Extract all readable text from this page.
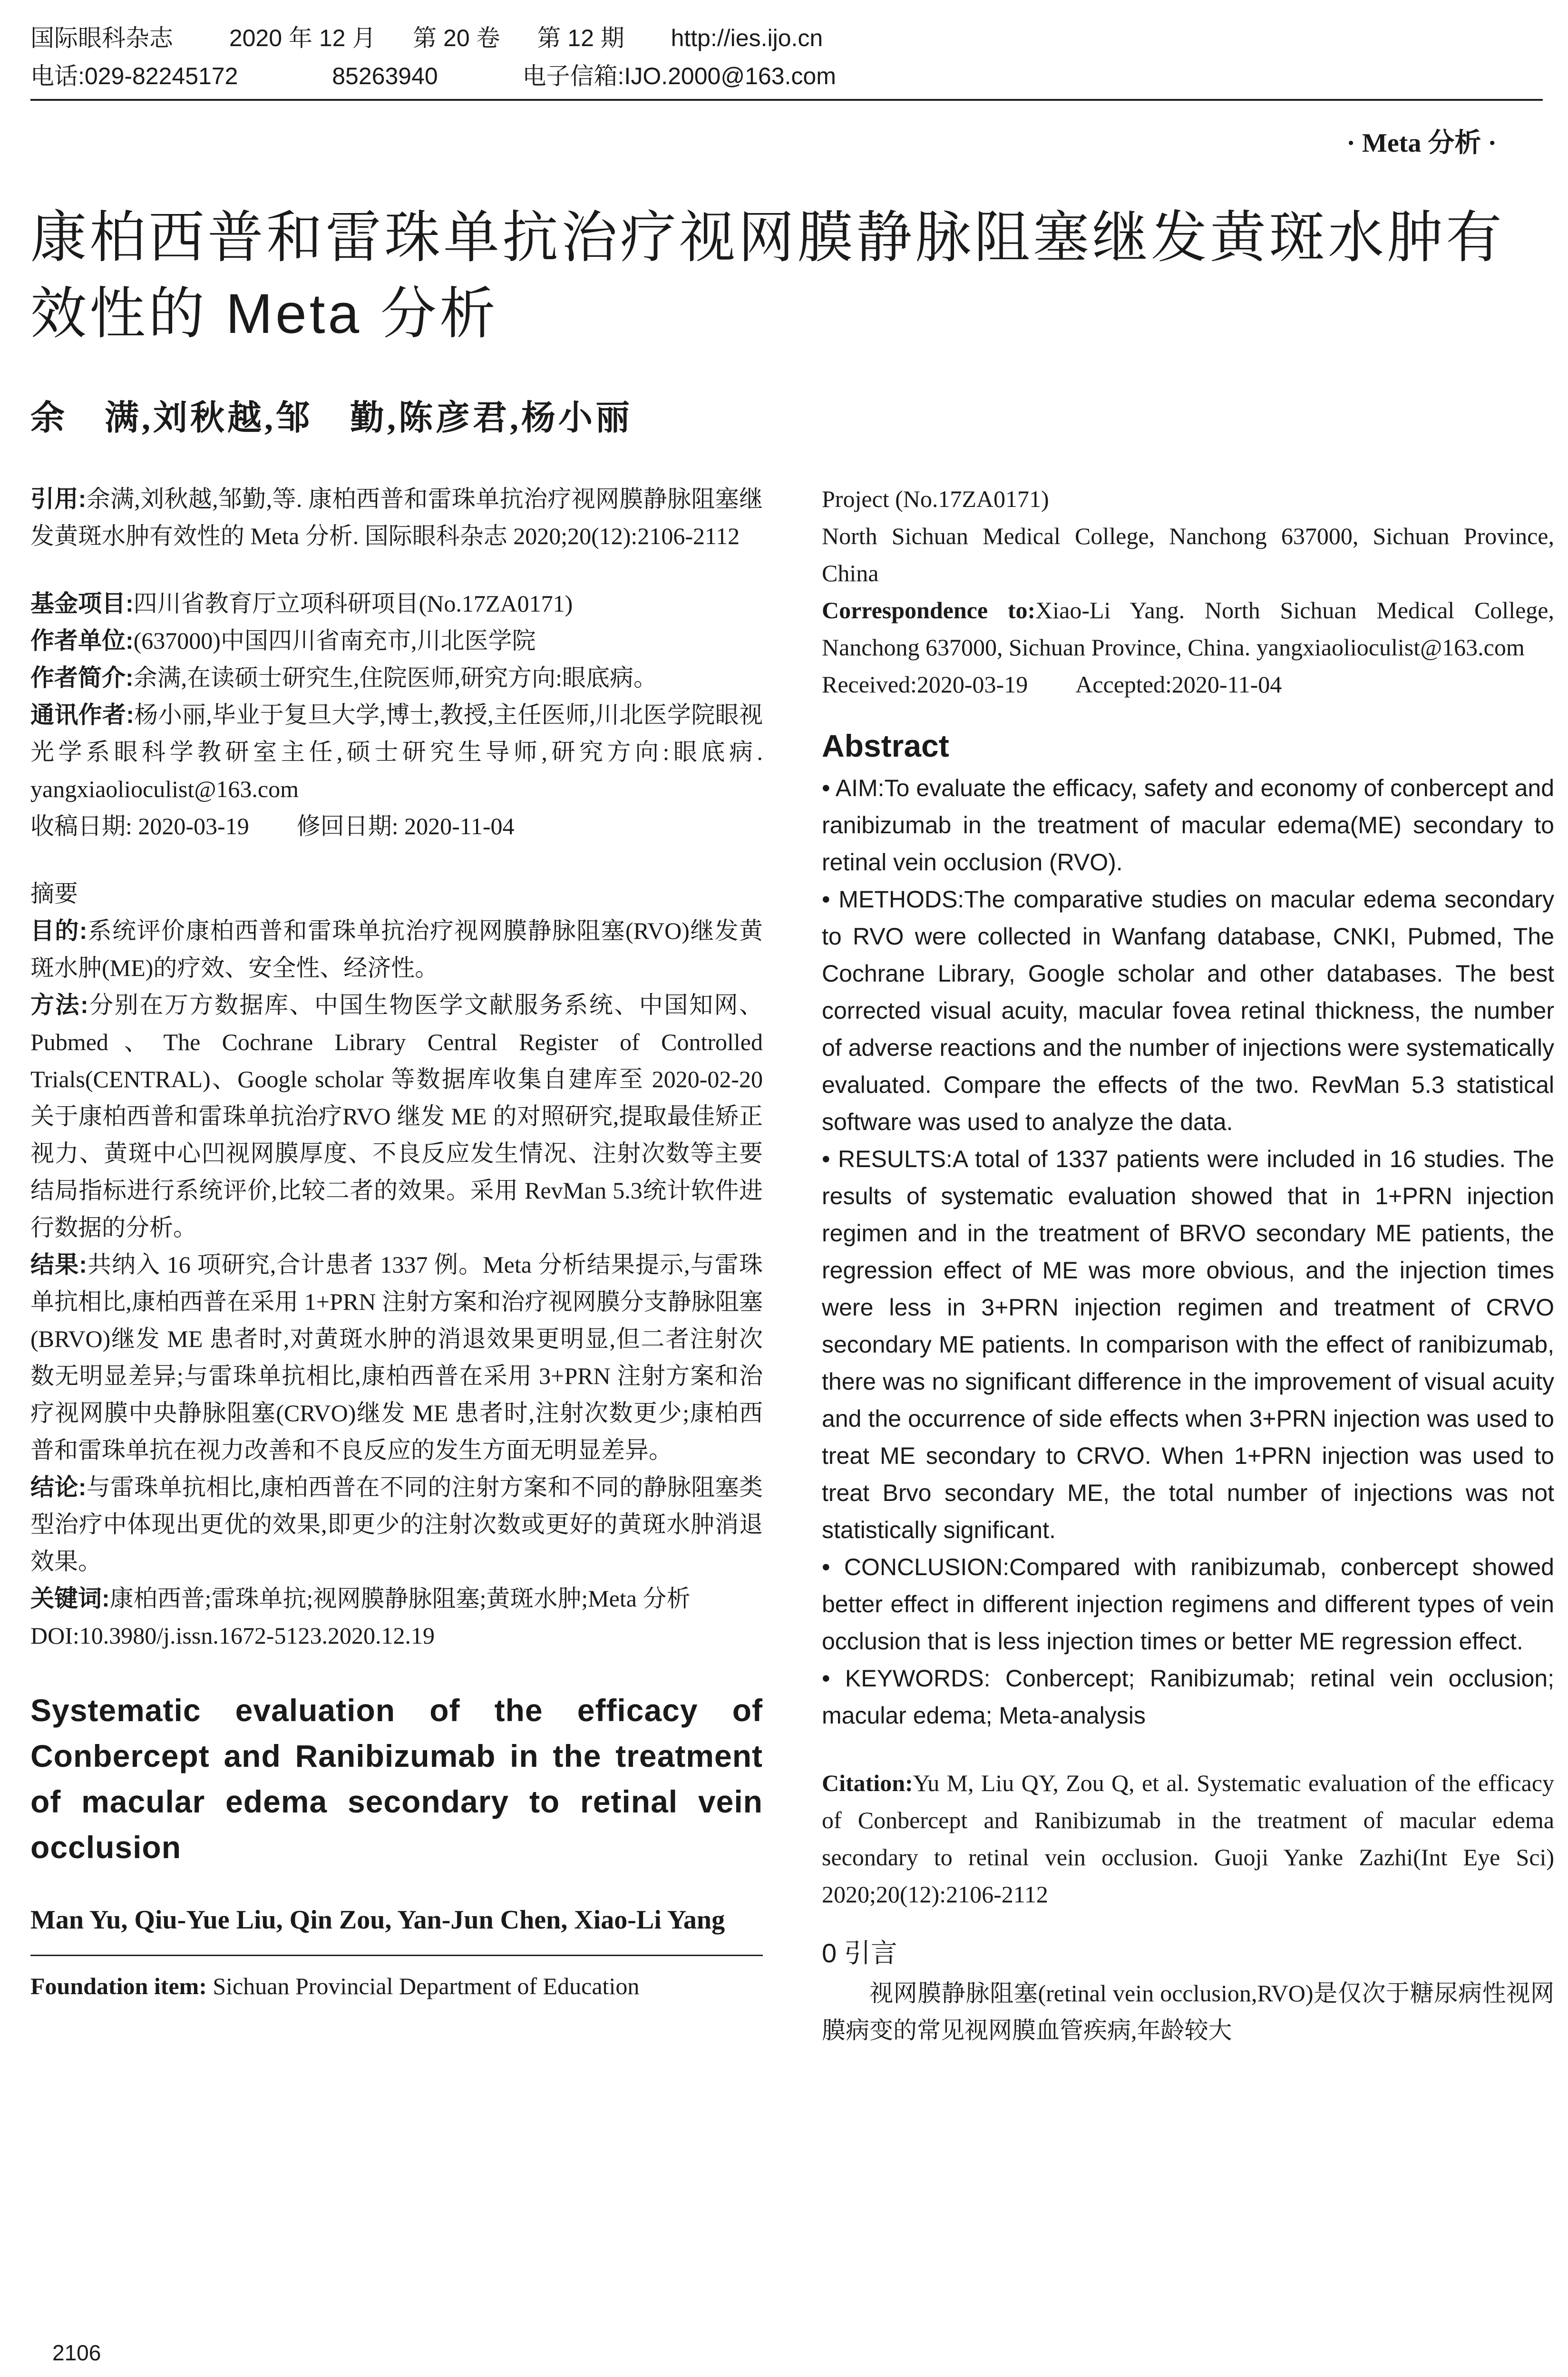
国际眼科杂志 2020 年 12 月 第 20 卷 第 12 期 http://ies.ijo.cn
电话:029-82245172	85263940	电子信箱:IJO.2000@163.com
· Meta 分析 ·
康柏西普和雷珠单抗治疗视网膜静脉阻塞继发黄斑水肿有效性的 Meta 分析
余　满,刘秋越,邹　勤,陈彦君,杨小丽

引用:余满,刘秋越,邹勤,等. 康柏西普和雷珠单抗治疗视网膜静脉阻塞继发黄斑水肿有效性的 Meta 分析. 国际眼科杂志 2020;20(12):2106-2112

基金项目:四川省教育厅立项科研项目(No.17ZA0171)

作者单位:(637000)中国四川省南充市,川北医学院

作者简介:余满,在读硕士研究生,住院医师,研究方向:眼底病。

通讯作者:杨小丽,毕业于复旦大学,博士,教授,主任医师,川北医学院眼视光学系眼科学教研室主任,硕士研究生导师,研究方向:眼底病. yangxiaolioculist@163.com

收稿日期: 2020-03-19　　修回日期: 2020-11-04

摘要

目的:系统评价康柏西普和雷珠单抗治疗视网膜静脉阻塞(RVO)继发黄斑水肿(ME)的疗效、安全性、经济性。

方法:分别在万方数据库、中国生物医学文献服务系统、中国知网、Pubmed、The Cochrane Library Central Register of Controlled Trials(CENTRAL)、Google scholar 等数据库收集自建库至 2020-02-20 关于康柏西普和雷珠单抗治疗RVO 继发 ME 的对照研究,提取最佳矫正视力、黄斑中心凹视网膜厚度、不良反应发生情况、注射次数等主要结局指标进行系统评价,比较二者的效果。采用 RevMan 5.3统计软件进行数据的分析。

结果:共纳入 16 项研究,合计患者 1337 例。Meta 分析结果提示,与雷珠单抗相比,康柏西普在采用 1+PRN 注射方案和治疗视网膜分支静脉阻塞(BRVO)继发 ME 患者时,对黄斑水肿的消退效果更明显,但二者注射次数无明显差异;与雷珠单抗相比,康柏西普在采用 3+PRN 注射方案和治疗视网膜中央静脉阻塞(CRVO)继发 ME 患者时,注射次数更少;康柏西普和雷珠单抗在视力改善和不良反应的发生方面无明显差异。

结论:与雷珠单抗相比,康柏西普在不同的注射方案和不同的静脉阻塞类型治疗中体现出更优的效果,即更少的注射次数或更好的黄斑水肿消退效果。

关键词:康柏西普;雷珠单抗;视网膜静脉阻塞;黄斑水肿;Meta 分析

DOI:10.3980/j.issn.1672-5123.2020.12.19

Systematic evaluation of the efficacy of Conbercept and Ranibizumab in the treatment of macular edema secondary to retinal vein occlusion
Man Yu, Qiu-Yue Liu, Qin Zou, Yan-Jun Chen, Xiao-Li Yang

Foundation item: Sichuan Provincial Department of Education

Project (No.17ZA0171)

North Sichuan Medical College, Nanchong 637000, Sichuan Province, China

Correspondence to:Xiao-Li Yang. North Sichuan Medical College, Nanchong 637000, Sichuan Province, China. yangxiaolioculist@163.com

Received:2020-03-19　　Accepted:2020-11-04

Abstract

• AIM:To evaluate the efficacy, safety and economy of conbercept and ranibizumab in the treatment of macular edema(ME) secondary to retinal vein occlusion (RVO).

• METHODS:The comparative studies on macular edema secondary to RVO were collected in Wanfang database, CNKI, Pubmed, The Cochrane Library, Google scholar and other databases. The best corrected visual acuity, macular fovea retinal thickness, the number of adverse reactions and the number of injections were systematically evaluated. Compare the effects of the two. RevMan 5.3 statistical software was used to analyze the data.

• RESULTS:A total of 1337 patients were included in 16 studies. The results of systematic evaluation showed that in 1+PRN injection regimen and in the treatment of BRVO secondary ME patients, the regression effect of ME was more obvious, and the injection times were less in 3+PRN injection regimen and treatment of CRVO secondary ME patients. In comparison with the effect of ranibizumab, there was no significant difference in the improvement of visual acuity and the occurrence of side effects when 3+PRN injection was used to treat ME secondary to CRVO. When 1+PRN injection was used to treat Brvo secondary ME, the total number of injections was not statistically significant.

• CONCLUSION:Compared with ranibizumab, conbercept showed better effect in different injection regimens and different types of vein occlusion that is less injection times or better ME regression effect.

• KEYWORDS: Conbercept; Ranibizumab; retinal vein occlusion; macular edema; Meta-analysis

Citation:Yu M, Liu QY, Zou Q, et al. Systematic evaluation of the efficacy of Conbercept and Ranibizumab in the treatment of macular edema secondary to retinal vein occlusion. Guoji Yanke Zazhi(Int Eye Sci) 2020;20(12):2106-2112

0 引言

视网膜静脉阻塞(retinal vein occlusion,RVO)是仅次于糖尿病性视网膜病变的常见视网膜血管疾病,年龄较大

2106
